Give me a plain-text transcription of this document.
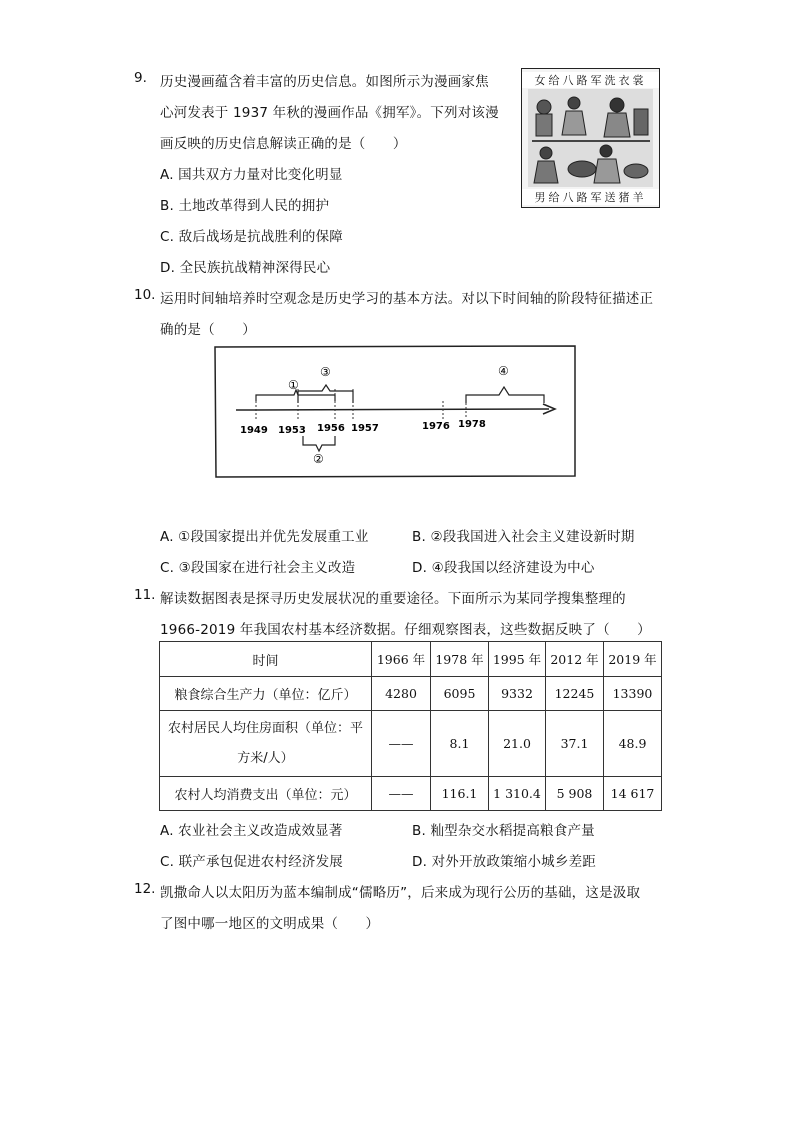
9. 历史漫画蕴含着丰富的历史信息。如图所示为漫画家焦
心河发表于 1937 年秋的漫画作品《拥军》。下列对该漫
画反映的历史信息解读正确的是（　　）
A. 国共双方力量对比变化明显
B. 土地改革得到人民的拥护
C. 敌后战场是抗战胜利的保障
D. 全民族抗战精神深得民心
女给八路军洗衣裳
男给八路军送猪羊
10. 运用时间轴培养时空观念是历史学习的基本方法。对以下时间轴的阶段特征描述正
确的是（　　）
1949 1953 1956 1957	1976 1978
①
③
②
④
A. ①段国家提出并优先发展重工业	B. ②段我国进入社会主义建设新时期
C. ③段国家在进行社会主义改造	D. ④段我国以经济建设为中心
11. 解读数据图表是探寻历史发展状况的重要途径。下面所示为某同学搜集整理的
1966-2019 年我国农村基本经济数据。仔细观察图表，这些数据反映了（　　）
时间	1966 年	1978 年	1995 年	2012 年	2019 年
粮食综合生产力（单位：亿斤）	4280	6095	9332	12245	13390

农村居民人均住房面积（单位：平
方米/人）	——	8.1	21.0	37.1	48.9
农村人均消费支出（单位：元）	——	116.1	1 310.4	5 908	14 617
A. 农业社会主义改造成效显著	B. 籼型杂交水稻提高粮食产量
C. 联产承包促进农村经济发展	D. 对外开放政策缩小城乡差距
12. 凯撒命人以太阳历为蓝本编制成“儒略历”，后来成为现行公历的基础，这是汲取
了图中哪一地区的文明成果（　　）
